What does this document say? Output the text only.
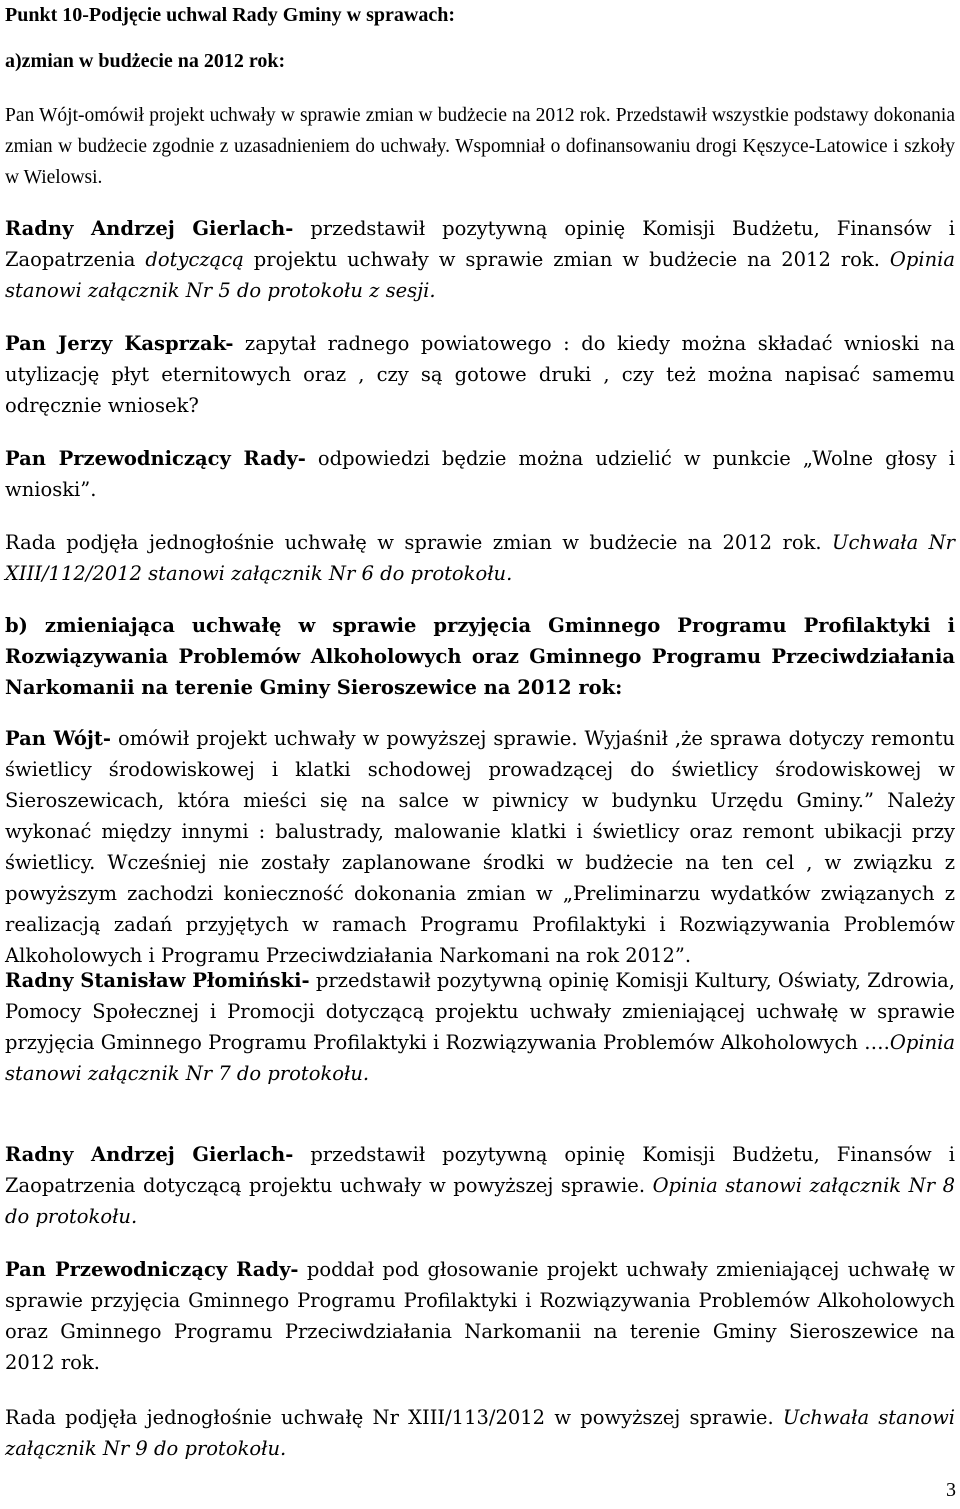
Punkt 10-Podjęcie uchwal Rady Gminy w sprawach:
a)zmian w budżecie na 2012 rok:
Pan Wójt-omówił projekt uchwały w sprawie zmian w budżecie na 2012 rok. Przedstawił wszystkie podstawy dokonania zmian w budżecie zgodnie z uzasadnieniem do uchwały. Wspomniał o dofinansowaniu drogi Kęszyce-Latowice i szkoły w Wielowsi.
Radny Andrzej Gierlach- przedstawił pozytywną opinię Komisji Budżetu, Finansów i Zaopatrzenia dotyczącą projektu uchwały w sprawie zmian w budżecie na 2012 rok. Opinia stanowi załącznik Nr 5 do protokołu z sesji.
Pan Jerzy Kasprzak- zapytał radnego powiatowego : do kiedy można składać wnioski na utylizację płyt eternitowych oraz , czy są gotowe druki , czy też można napisać samemu odręcznie wniosek?
Pan Przewodniczący Rady- odpowiedzi będzie można udzielić w punkcie „Wolne głosy i wnioski”.
Rada podjęła jednogłośnie uchwałę w sprawie zmian w budżecie na 2012 rok. Uchwała Nr XIII/112/2012 stanowi załącznik Nr 6 do protokołu.
b) zmieniająca uchwałę w sprawie przyjęcia Gminnego Programu Profilaktyki i Rozwiązywania Problemów Alkoholowych oraz Gminnego Programu Przeciwdziałania Narkomanii na terenie Gminy Sieroszewice na 2012 rok:
Pan Wójt- omówił projekt uchwały w powyższej sprawie. Wyjaśnił ,że sprawa dotyczy remontu świetlicy środowiskowej i klatki schodowej prowadzącej do świetlicy środowiskowej w Sieroszewicach, która mieści się na salce w piwnicy w budynku Urzędu Gminy.” Należy wykonać między innymi : balustrady, malowanie klatki i świetlicy oraz remont ubikacji przy świetlicy. Wcześniej nie zostały zaplanowane środki w budżecie na ten cel , w związku z powyższym zachodzi konieczność dokonania zmian w „Preliminarzu wydatków związanych z realizacją zadań przyjętych w ramach Programu Profilaktyki i Rozwiązywania Problemów Alkoholowych i Programu Przeciwdziałania Narkomani na rok 2012”.
Radny Stanisław Płomiński- przedstawił pozytywną opinię Komisji Kultury, Oświaty, Zdrowia, Pomocy Społecznej i Promocji dotyczącą projektu uchwały zmieniającej uchwałę w sprawie przyjęcia Gminnego Programu Profilaktyki i Rozwiązywania Problemów Alkoholowych ….Opinia stanowi załącznik Nr 7 do protokołu.
Radny Andrzej Gierlach- przedstawił pozytywną opinię Komisji Budżetu, Finansów i Zaopatrzenia dotyczącą projektu uchwały w powyższej sprawie. Opinia stanowi załącznik Nr 8 do protokołu.
Pan Przewodniczący Rady- poddał pod głosowanie projekt uchwały zmieniającej uchwałę w sprawie przyjęcia Gminnego Programu Profilaktyki i Rozwiązywania Problemów Alkoholowych oraz Gminnego Programu Przeciwdziałania Narkomanii na terenie Gminy Sieroszewice na 2012 rok.
Rada podjęła jednogłośnie uchwałę Nr XIII/113/2012 w powyższej sprawie. Uchwała stanowi załącznik Nr 9 do protokołu.
3
